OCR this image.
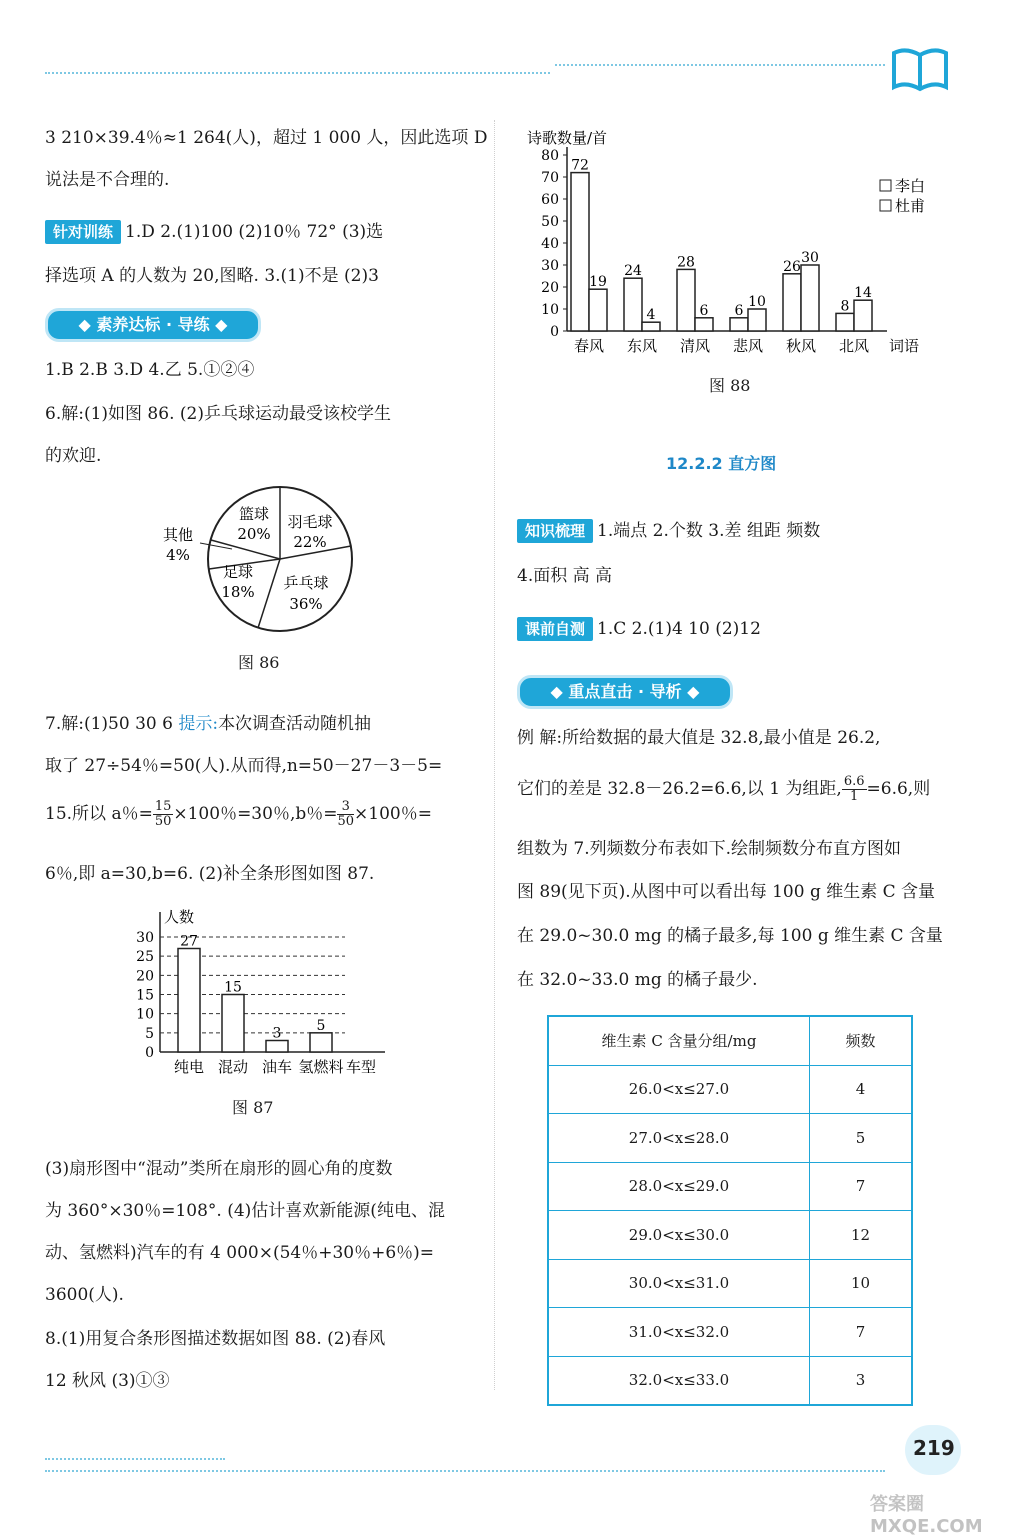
3 210×39.4％≈1 264(人)，超过 1 000 人，因此选项 D
说法是不合理的.
针对训练 1.D 2.(1)100 (2)10％ 72° (3)选
择选项 A 的人数为 20,图略. 3.(1)不是 (2)3
◆ 素养达标 · 导练 ◆
1.B 2.B 3.D 4.乙 5.①②④
6.解:(1)如图 86. (2)乒乓球运动最受该校学生
的欢迎.
篮球
20%
羽毛球
22%
乒乓球
36%
足球
18%
其他
4%
图 86
7.解:(1)50 30 6 提示:本次调查活动随机抽
取了 27÷54％=50(人).从而得,n=50－27－3－5=
15.所以 a％= $\frac{15}{50} \times 100$％=30％,b％= $\frac{3}{50} \times 100$％=
6％,即 a=30,b=6. (2)补全条形图如图 87.
0
5
10
15
20
25
30 27
纯电
15
混动
3
油车
5
氢燃料
人数
车型
图 87
(3)扇形图中“混动”类所在扇形的圆心角的度数
为 360°×30％=108°. (4)估计喜欢新能源(纯电、混
动、氢燃料)汽车的有 4 000×(54％+30％+6％)=
3600(人).
8.(1)用复合条形图描述数据如图 88. (2)春风
12 秋风 (3)①③
0
10
20
30
40
50
60
70
80
72
19
春风
24
4
东风
28
6
清风
6
10
悲风
26
30
秋风
8
14
北风
诗歌数量/首
词语
李白
杜甫
图 88
12.2.2 直方图
知识梳理 1.端点 2.个数 3.差 组距 频数
4.面积 高 高
课前自测 1.C 2.(1)4 10 (2)12
◆ 重点直击 · 导析 ◆
例 解:所给数据的最大值是 32.8,最小值是 26.2,
它们的差是 32.8－26.2=6.6,以 1 为组距, $\frac{6.6}{1} =6.6$,则
组数为 7.列频数分布表如下.绘制频数分布直方图如
图 89(见下页).从图中可以看出每 100 g 维生素 C 含量
在 29.0~30.0 mg 的橘子最多,每 100 g 维生素 C 含量
在 32.0~33.0 mg 的橘子最少.
维生素 C 含量分组/mg	频数
26.0<x≤27.0	4
27.0<x≤28.0	5
28.0<x≤29.0	7
29.0<x≤30.0	12
30.0<x≤31.0	10
31.0<x≤32.0	7
32.0<x≤33.0	3
219
答案圈 MXQE.COM
